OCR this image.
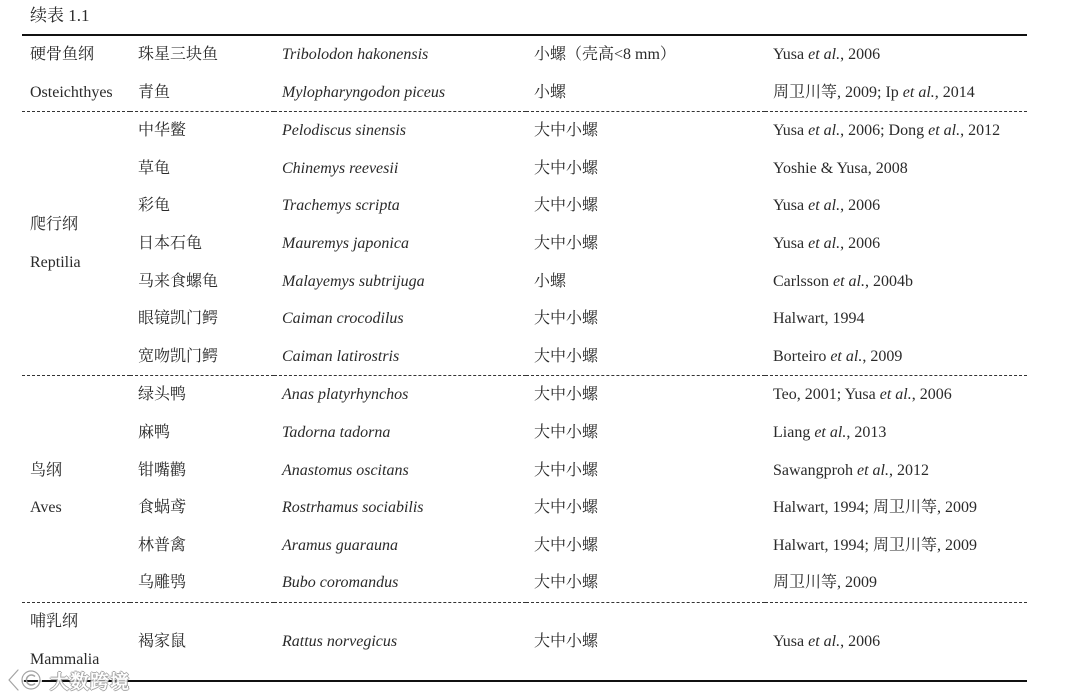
续表 1.1
硬骨鱼纲
Osteichthyes	珠星三块鱼	Tribolodon hakonensis	小螺（壳高<8 mm）	Yusa et al., 2006
	青鱼	Mylopharyngodon piceus	小螺	周卫川等, 2009; Ip et al., 2014

爬行纲
Reptilia	中华鳖	Pelodiscus sinensis	大中小螺	Yusa et al., 2006; Dong et al., 2012
	草龟	Chinemys reevesii	大中小螺	Yoshie & Yusa, 2008
	彩龟	Trachemys scripta	大中小螺	Yusa et al., 2006
	日本石龟	Mauremys japonica	大中小螺	Yusa et al., 2006
	马来食螺龟	Malayemys subtrijuga	小螺	Carlsson et al., 2004b
	眼镜凯门鳄	Caiman crocodilus	大中小螺	Halwart, 1994
	宽吻凯门鳄	Caiman latirostris	大中小螺	Borteiro et al., 2009

鸟纲
Aves	绿头鸭	Anas platyrhynchos	大中小螺	Teo, 2001; Yusa et al., 2006
	麻鸭	Tadorna tadorna	大中小螺	Liang et al., 2013
	钳嘴鹳	Anastomus oscitans	大中小螺	Sawangproh et al., 2012
	食蜗鸢	Rostrhamus sociabilis	大中小螺	Halwart, 1994; 周卫川等, 2009
	林普禽	Aramus guarauna	大中小螺	Halwart, 1994; 周卫川等, 2009
	乌雕鸮	Bubo coromandus	大中小螺	周卫川等, 2009

哺乳纲
Mammalia	褐家鼠	Rattus norvegicus	大中小螺	Yusa et al., 2006
大数跨境
